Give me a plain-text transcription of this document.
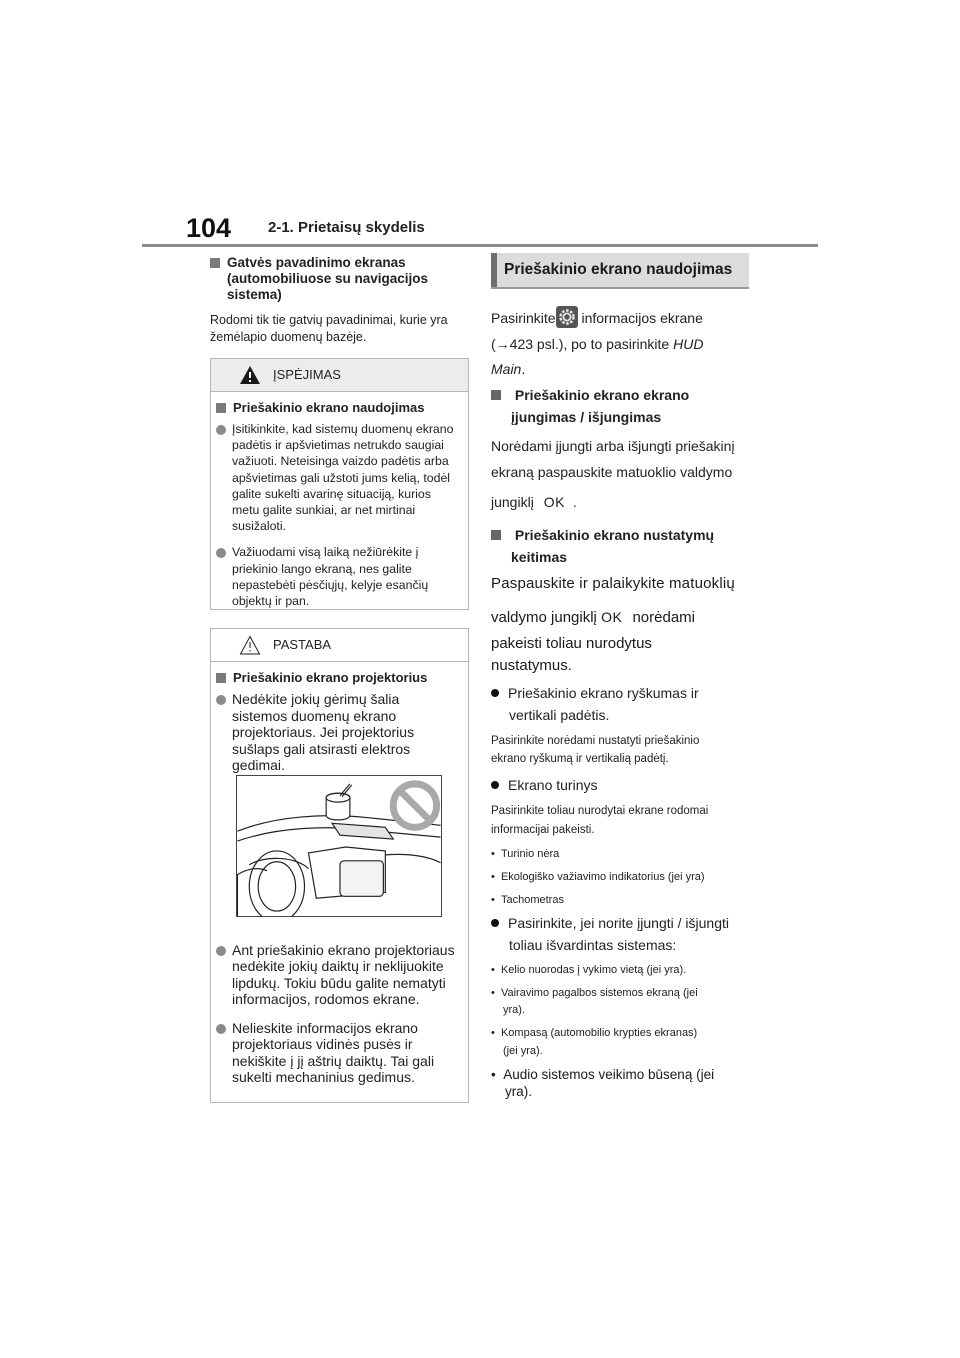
104 2-1. Prietaisų skydelis
Gatvės pavadinimo ekranas (automobiliuose su navigacijos sistema)
Rodomi tik tie gatvių pavadinimai, kurie yra žemėlapio duomenų bazėje.
ĮSPĖJIMAS
Priešakinio ekrano naudojimas
Įsitikinkite, kad sistemų duomenų ekrano padėtis ir apšvietimas netrukdo saugiai važiuoti. Neteisinga vaizdo padėtis arba apšvietimas gali užstoti jums kelią, todėl galite sukelti avarinę situaciją, kurios metu galite sunkiai, ar net mirtinai susižaloti.
Važiuodami visą laiką nežiūrėkite į priekinio lango ekraną, nes galite nepastebėti pėsčiųjų, kelyje esančių objektų ir pan.
PASTABA
Priešakinio ekrano projektorius
Nedėkite jokių gėrimų šalia sistemos duomenų ekrano projektoriaus. Jei projektorius sušlaps gali atsirasti elektros gedimai.
Ant priešakinio ekrano projektoriaus nedėkite jokių daiktų ir neklijuokite lipdukų. Tokiu būdu galite nematyti informacijos, rodomos ekrane.
Nelieskite informacijos ekrano projektoriaus vidinės pusės ir nekiškite į jį aštrių daiktų. Tai gali sukelti mechaninius gedimus.
Priešakinio ekrano naudojimas
Pasirinkite informacijos ekrane
(→423 psl.), po to pasirinkite HUD
Main.
Priešakinio ekrano ekrano
įjungimas / išjungimas
Norėdami įjungti arba išjungti priešakinį
ekraną paspauskite matuoklio valdymo
jungiklį OK .
Priešakinio ekrano nustatymų
keitimas
Paspauskite ir palaikykite matuoklių
valdymo jungiklį OK norėdami
pakeisti toliau nurodytus
nustatymus.
Priešakinio ekrano ryškumas ir
vertikali padėtis.
Pasirinkite norėdami nustatyti priešakinio
ekrano ryškumą ir vertikalią padėtį.
Ekrano turinys
Pasirinkite toliau nurodytai ekrane rodomai
informacijai pakeisti.
•  Turinio nėra
•  Ekologiško važiavimo indikatorius (jei yra)
•  Tachometras
Pasirinkite, jei norite įjungti / išjungti
toliau išvardintas sistemas:
•  Kelio nuorodas į vykimo vietą (jei yra).
•  Vairavimo pagalbos sistemos ekraną (jei
yra).
•  Kompasą (automobilio krypties ekranas)
(jei yra).
•  Audio sistemos veikimo būseną (jei
yra).
